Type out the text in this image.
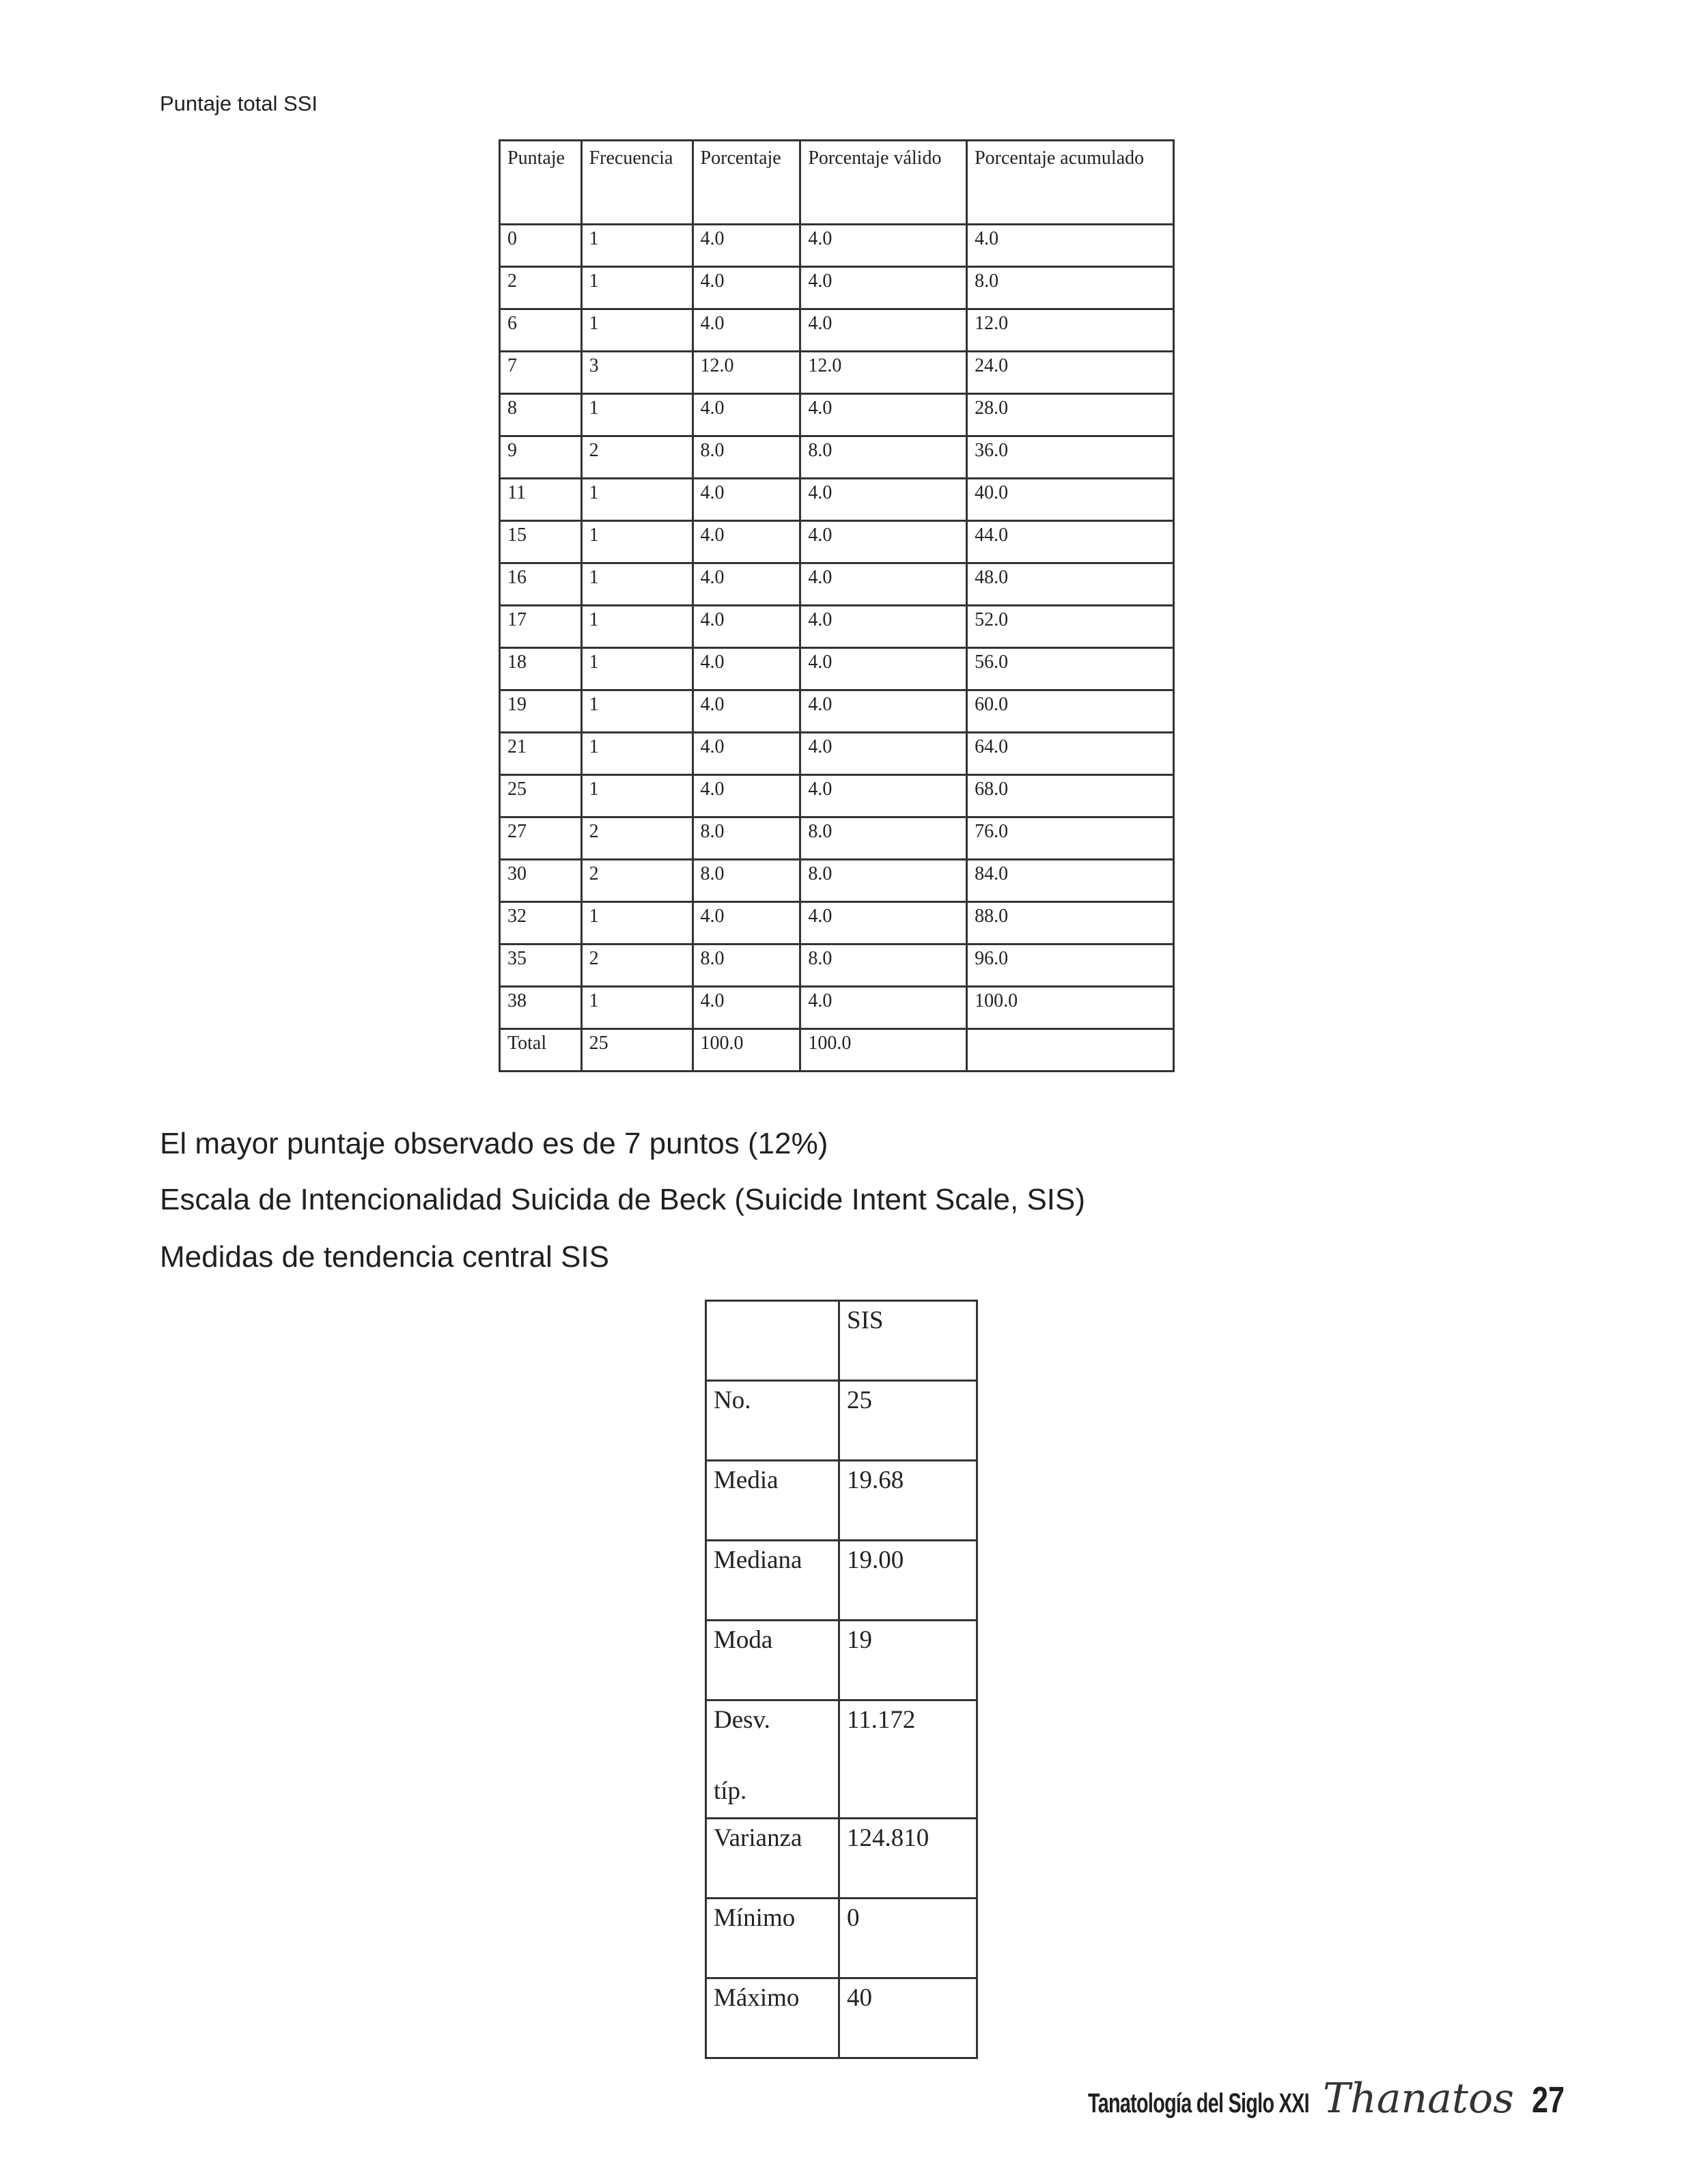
Puntaje total SSI
Puntaje	Frecuencia	Porcentaje	Porcentaje válido	Porcentaje acumulado
0	1	4.0	4.0	4.0
2	1	4.0	4.0	8.0
6	1	4.0	4.0	12.0
7	3	12.0	12.0	24.0
8	1	4.0	4.0	28.0
9	2	8.0	8.0	36.0
11	1	4.0	4.0	40.0
15	1	4.0	4.0	44.0
16	1	4.0	4.0	48.0
17	1	4.0	4.0	52.0
18	1	4.0	4.0	56.0
19	1	4.0	4.0	60.0
21	1	4.0	4.0	64.0
25	1	4.0	4.0	68.0
27	2	8.0	8.0	76.0
30	2	8.0	8.0	84.0
32	1	4.0	4.0	88.0
35	2	8.0	8.0	96.0
38	1	4.0	4.0	100.0
Total	25	100.0	100.0	
El mayor puntaje observado es de 7 puntos (12%)
Escala de Intencionalidad Suicida de Beck (Suicide Intent Scale, SIS)
Medidas de tendencia central SIS
	SIS
No.	25
Media	19.68
Mediana	19.00
Moda	19
Desv.
típ.	11.172
Varianza	124.810
Mínimo	0
Máximo	40
Tanatología del Siglo XXI Thanatos 27
